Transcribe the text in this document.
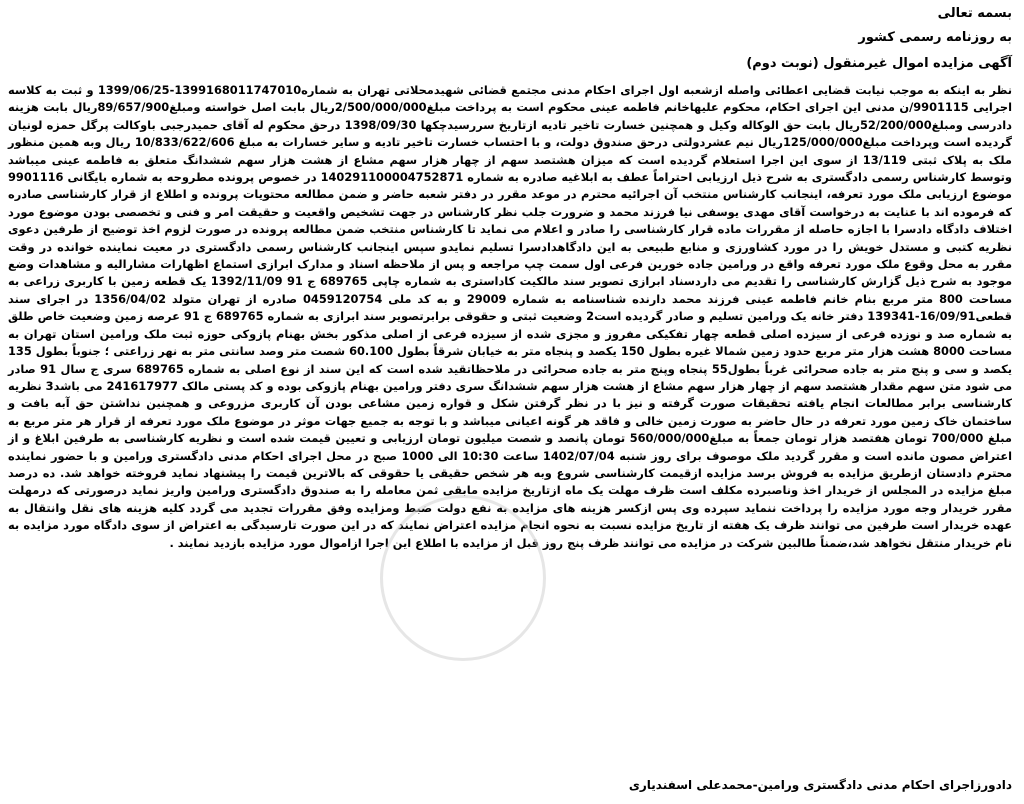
بسمه تعالی
به روزنامه رسمی کشور
آگهی مزایده اموال غیرمنقول (نوبت دوم)
نظر به اینکه به موجب نیابت قضایی اعطائی واصله ازشعبه اول اجرای احکام مدنی مجتمع قضائی شهیدمحلاتی تهران به شماره1399168011747010-1399/06/25 و ثبت به کلاسه اجرایی 9901115/ن مدنی این اجرای احکام، محکوم علیهاخانم فاطمه عینی محکوم است به پرداخت مبلغ2/500/000/000ریال بابت اصل خواسته ومبلغ89/657/900ریال بابت هزینه دادرسی ومبلغ52/200/000ریال بابت حق الوکاله وکیل و همچنین خسارت تاخیر تادیه ازتاریخ سررسیدچکها 1398/09/30 درحق محکوم له آقای حمیدرجبی باوکالت پرگل حمزه لونیان گردیده است وپرداخت مبلغ125/000/000ریال نیم عشردولتی درحق صندوق دولت، و با احتساب خسارت تاخیر تادیه و سایر خسارات به مبلغ 10/833/622/606 ریال وبه همین منظور ملک به پلاک ثبتی 13/119 از سوی این اجرا استعلام گردیده است که میزان هشتصد سهم از چهار هزار سهم مشاع از هشت هزار سهم ششدانگ متعلق به فاطمه عینی میباشد وتوسط کارشناس رسمی دادگستری به شرح ذیل ارزیابی احتراماً عطف به ابلاغیه صادره به شماره 140291100004752871 در خصوص پرونده مطروحه به شماره بایگانی 9901116 موضوع ارزیابی ملک مورد تعرفه، اینجانب کارشناس منتخب آن اجرائیه محترم در موعد مقرر در دفتر شعبه حاضر و ضمن مطالعه محتویات پرونده و اطلاع از قرار کارشناسی صادره که فرموده اند با عنایت به درخواست آقای مهدی یوسفی نیا فرزند محمد و ضرورت جلب نظر کارشناس در جهت تشخیص واقعیت و حقیقت امر و فنی و تخصصی بودن موضوع مورد اختلاف دادگاه دادسرا با اجازه حاصله از مقررات ماده قرار کارشناسی را صادر و اعلام می نماید تا کارشناس منتخب ضمن مطالعه پرونده در صورت لزوم اخذ توضیح از طرفین دعوی نظریه کتبی و مستدل خویش را در مورد کشاورزی و منابع طبیعی به این دادگاهدادسرا تسلیم نمایدو سپس اینجانب کارشناس رسمی دادگستری در معیت نماینده خوانده در وقت مقرر به محل وقوع ملک مورد تعرفه واقع در ورامین جاده خورین فرعی اول سمت چپ مراجعه و پس از ملاحظه اسناد و مدارک ابرازی استماع اظهارات مشارالیه و مشاهدات وضع موجود به شرح ذیل گزارش کارشناسی را تقدیم می داردسناد ابرازی تصویر سند مالکیت کاداستری به شماره چاپی 689765 ج 91 1392/11/09 یک قطعه زمین با کاربری زراعی به مساحت 800 متر مربع بنام خانم فاطمه عینی فرزند محمد دارنده شناسنامه به شماره 29009 و به کد ملی 0459120754 صادره از تهران متولد 1356/04/02 در اجرای سند قطعی16/09/91-139341 دفتر خانه یک ورامین تسلیم و صادر گردیده است2 وضعیت ثبتی و حقوقی برابرتصویر سند ابرازی به شماره 689765 ج 91 عرصه زمین وضعیت خاص طلق به شماره صد و نوزده فرعی از سیزده اصلی قطعه چهار تفکیکی مفروز و مجزی شده از سیزده فرعی از اصلی مذکور بخش بهنام پازوکی حوزه ثبت ملک ورامین استان تهران به مساحت 8000 هشت هزار متر مربع حدود زمین شمالا غیره بطول 150 یکصد و پنجاه متر به خیابان شرقاً بطول 60.100 شصت متر وصد سانتی متر به نهر زراعتی ؛ جنوباً بطول 135 یکصد و سی و پنج متر به جاده صحرائی غرباً بطول55 پنجاه وپنج متر به جاده صحرائی در ملاحظاتقید شده است که این سند از نوع اصلی به شماره 689765 سری ج سال 91 صادر می شود متن سهم مقدار هشتصد سهم از چهار هزار سهم مشاع از هشت هزار سهم ششدانگ سری دفتر ورامین بهنام پازوکی بوده و کد پستی مالک 241617977 می باشد3 نظریه کارشناسی برابر مطالعات انجام یافته تحقیقات صورت گرفته و نیز با در نظر گرفتن شکل و قواره زمین مشاعی بودن آن کاربری مزروعی و همچنین نداشتن حق آبه بافت و ساختمان خاک زمین مورد تعرفه در حال حاضر به صورت زمین خالی و فاقد هر گونه اعیانی میباشد و با توجه به جمیع جهات موثر در موضوع ملک مورد تعرفه از قرار هر متر مربع به مبلغ 700/000 تومان هفتصد هزار تومان جمعاً به مبلغ560/000/000 تومان پانصد و شصت میلیون تومان ارزیابی و تعیین قیمت شده است و نظریه کارشناسی به طرفین ابلاغ و از اعتراض مصون مانده است و مقرر گردید ملک موصوف برای روز شنبه 1402/07/04 ساعت 10:30 الی 1000 صبح در محل اجرای احکام مدنی دادگستری ورامین و با حضور نماینده محترم دادستان ازطریق مزایده به فروش برسد مزایده ازقیمت کارشناسی شروع وبه هر شخص حقیقی یا حقوقی که بالاترین قیمت را پیشنهاد نماید فروخته خواهد شد. ده درصد مبلغ مزایده در المجلس از خریدار اخذ وناصبرده مکلف است ظرف مهلت یک ماه ازتاریخ مزایده مابقی ثمن معامله را به صندوق دادگستری ورامین واریز نماید درصورتی که درمهلت مقرر خریدار وجه مورد مزایده را پرداخت ننماید سپرده وی پس ازکسر هزینه های مزایده به نفع دولت ضبط ومزایده وفق مقررات تجدید می گردد کلیه هزینه های نقل وانتقال به عهده خریدار است طرفین می توانند ظرف یک هفته از تاریخ مزایده نسبت به نحوه انجام مزایده اعتراض نمایند که در این صورت تارسیدگی به اعتراض از سوی دادگاه مورد مزایده به نام خریدار منتقل نخواهد شد،ضمناً طالبین شرکت در مزایده می توانند ظرف پنج روز قبل از مزایده با اطلاع این اجرا ازاموال مورد مزایده بازدید نمایند .
دادورزاجرای احکام مدنی دادگستری ورامین-محمدعلی اسفندیاری
